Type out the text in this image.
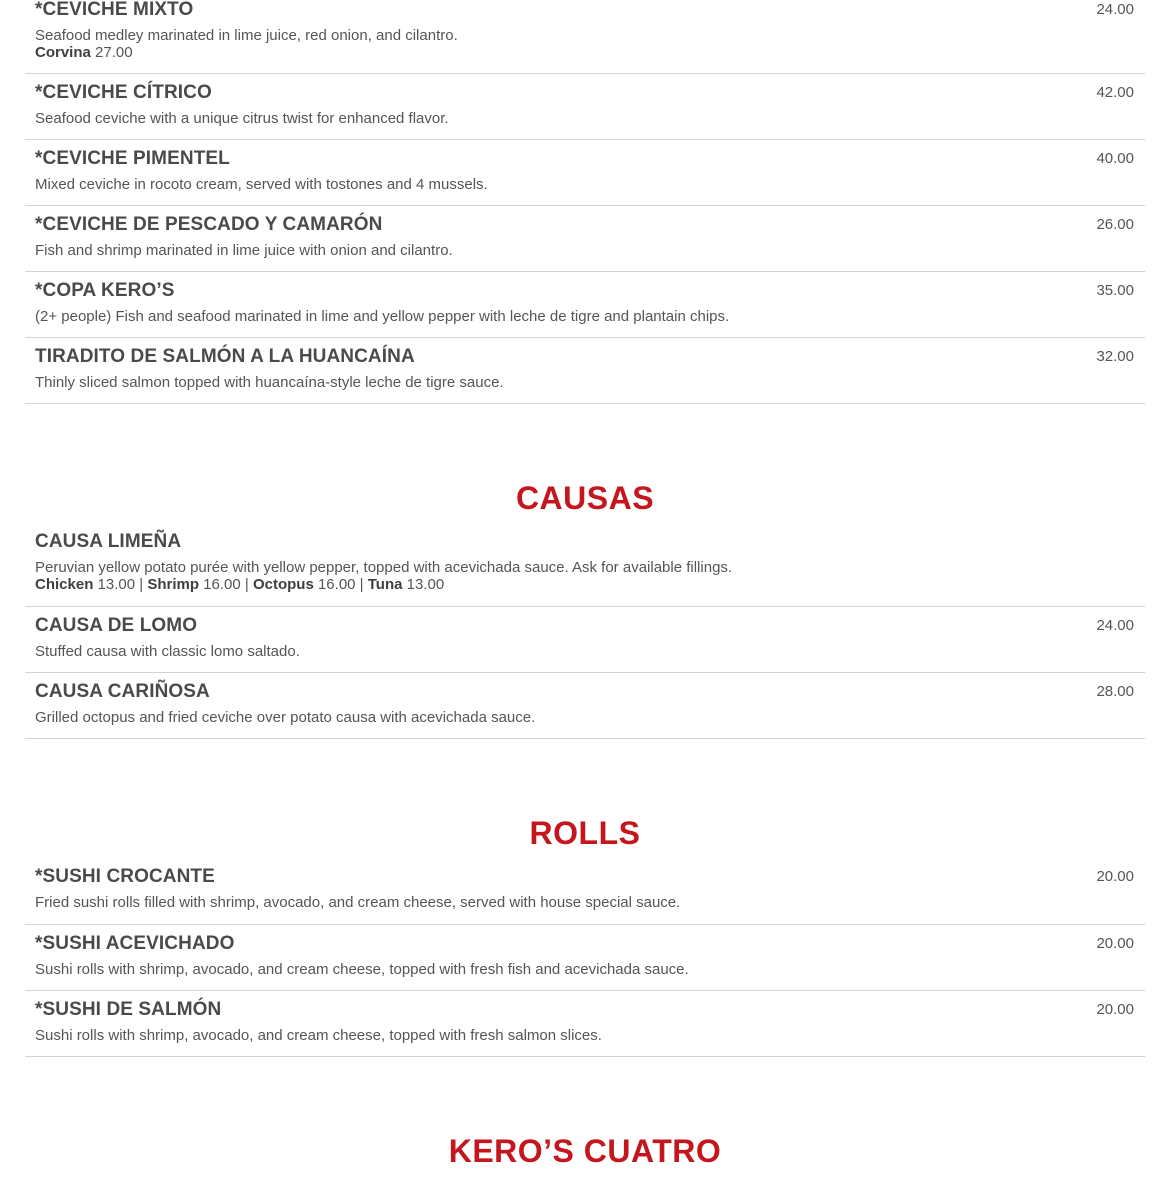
*CEVICHE MIXTO	24.00
Seafood medley marinated in lime juice, red onion, and cilantro.
Corvina 27.00
*CEVICHE CÍTRICO	42.00
Seafood ceviche with a unique citrus twist for enhanced flavor.
*CEVICHE PIMENTEL	40.00
Mixed ceviche in rocoto cream, served with tostones and 4 mussels.
*CEVICHE DE PESCADO Y CAMARÓN	26.00
Fish and shrimp marinated in lime juice with onion and cilantro.
*COPA KERO’S	35.00
(2+ people) Fish and seafood marinated in lime and yellow pepper with leche de tigre and plantain chips.
TIRADITO DE SALMÓN A LA HUANCAÍNA	32.00
Thinly sliced salmon topped with huancaína-style leche de tigre sauce.
CAUSAS
CAUSA LIMEÑA
Peruvian yellow potato purée with yellow pepper, topped with acevichada sauce. Ask for available fillings.
Chicken 13.00 | Shrimp 16.00 | Octopus 16.00 | Tuna 13.00
CAUSA DE LOMO	24.00
Stuffed causa with classic lomo saltado.
CAUSA CARIÑOSA	28.00
Grilled octopus and fried ceviche over potato causa with acevichada sauce.
ROLLS
*SUSHI CROCANTE	20.00
Fried sushi rolls filled with shrimp, avocado, and cream cheese, served with house special sauce.
*SUSHI ACEVICHADO	20.00
Sushi rolls with shrimp, avocado, and cream cheese, topped with fresh fish and acevichada sauce.
*SUSHI DE SALMÓN	20.00
Sushi rolls with shrimp, avocado, and cream cheese, topped with fresh salmon slices.
KERO’S CUATRO
